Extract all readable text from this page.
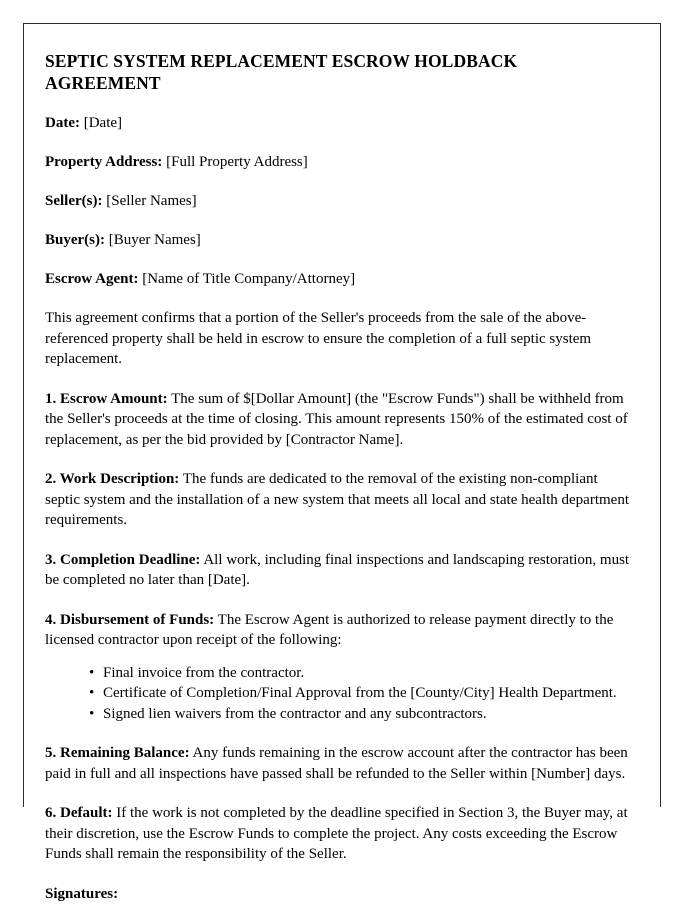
SEPTIC SYSTEM REPLACEMENT ESCROW HOLDBACK AGREEMENT
Date: [Date]
Property Address: [Full Property Address]
Seller(s): [Seller Names]
Buyer(s): [Buyer Names]
Escrow Agent: [Name of Title Company/Attorney]

This agreement confirms that a portion of the Seller's proceeds from the sale of the above-referenced property shall be held in escrow to ensure the completion of a full septic system replacement.

1. Escrow Amount: The sum of $[Dollar Amount] (the "Escrow Funds") shall be withheld from the Seller's proceeds at the time of closing. This amount represents 150% of the estimated cost of replacement, as per the bid provided by [Contractor Name].

2. Work Description: The funds are dedicated to the removal of the existing non-compliant septic system and the installation of a new system that meets all local and state health department requirements.

3. Completion Deadline: All work, including final inspections and landscaping restoration, must be completed no later than [Date].

4. Disbursement of Funds: The Escrow Agent is authorized to release payment directly to the licensed contractor upon receipt of the following:

• Final invoice from the contractor.
• Certificate of Completion/Final Approval from the [County/City] Health Department.
• Signed lien waivers from the contractor and any subcontractors.

5. Remaining Balance: Any funds remaining in the escrow account after the contractor has been paid in full and all inspections have passed shall be refunded to the Seller within [Number] days.

6. Default: If the work is not completed by the deadline specified in Section 3, the Buyer may, at their discretion, use the Escrow Funds to complete the project. Any costs exceeding the Escrow Funds shall remain the responsibility of the Seller.

Signatures:
